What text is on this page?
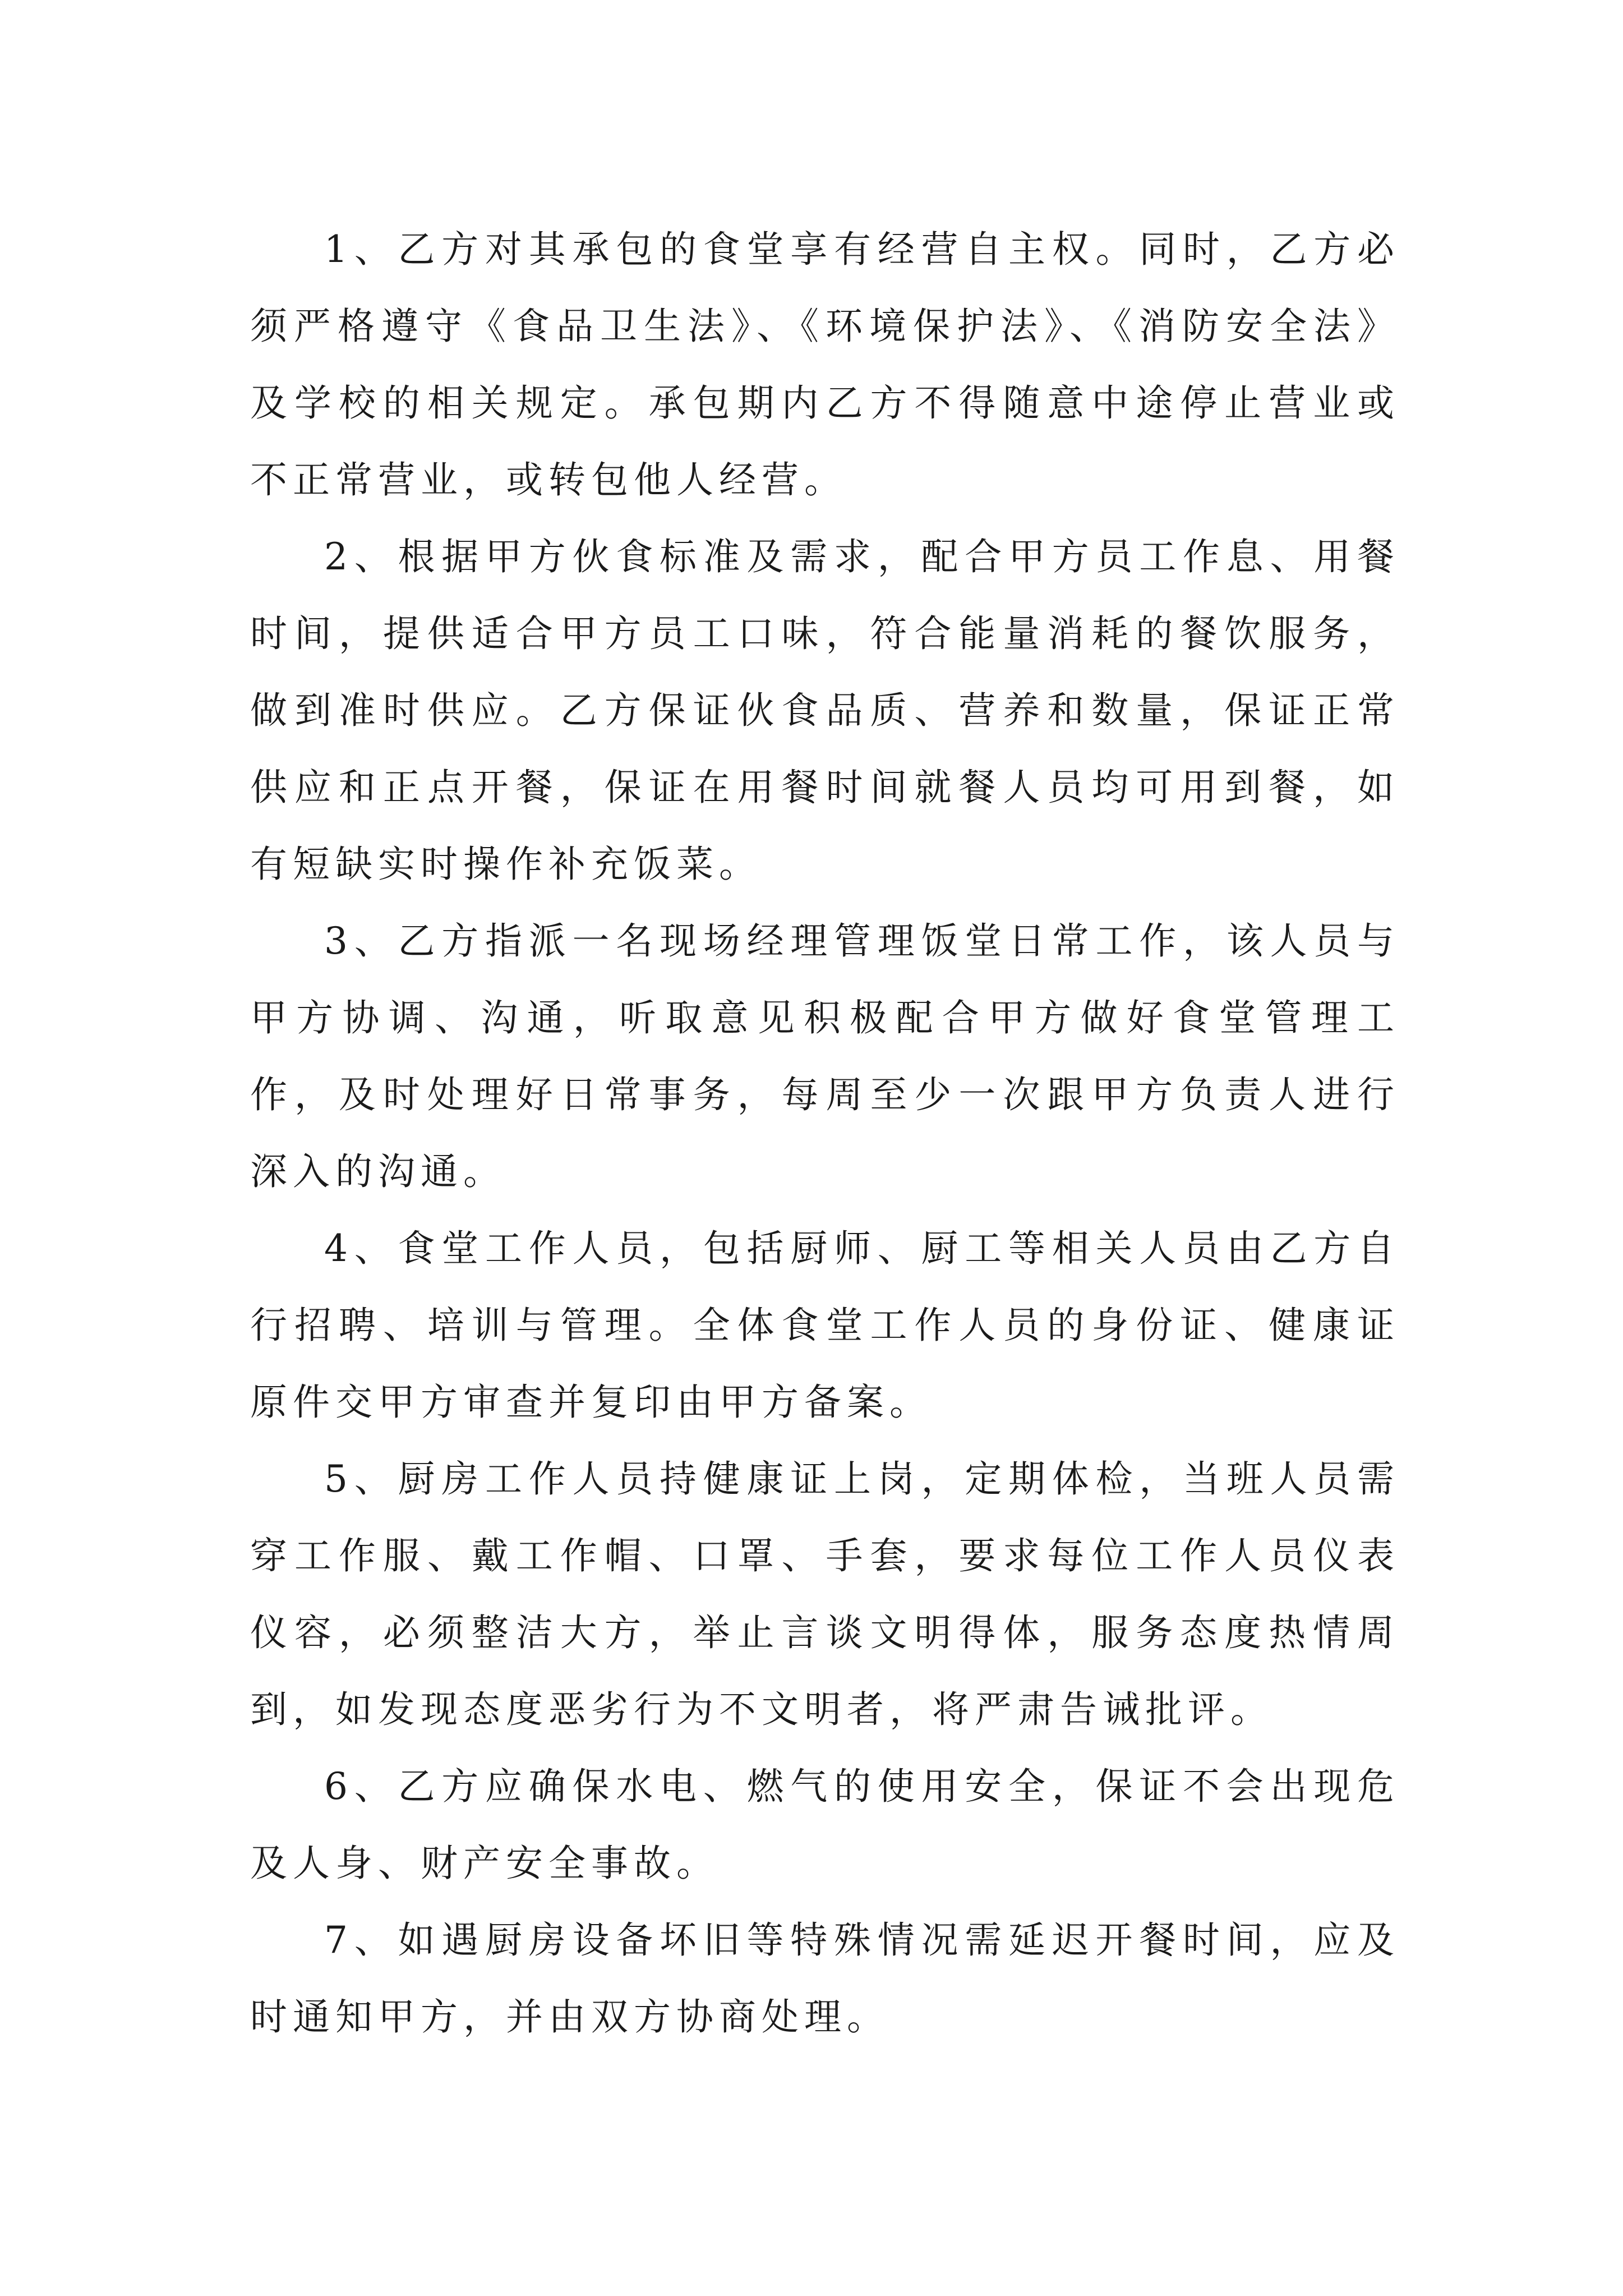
1、乙方对其承包的食堂享有经营自主权。同时，乙方必须严格遵守《食品卫生法》、《环境保护法》、《消防安全法》及学校的相关规定。承包期内乙方不得随意中途停止营业或不正常营业，或转包他人经营。

2、根据甲方伙食标准及需求，配合甲方员工作息、用餐时间，提供适合甲方员工口味，符合能量消耗的餐饮服务，做到准时供应。乙方保证伙食品质、营养和数量，保证正常供应和正点开餐，保证在用餐时间就餐人员均可用到餐，如有短缺实时操作补充饭菜。

3、乙方指派一名现场经理管理饭堂日常工作，该人员与甲方协调、沟通，听取意见积极配合甲方做好食堂管理工作，及时处理好日常事务，每周至少一次跟甲方负责人进行深入的沟通。

4、食堂工作人员，包括厨师、厨工等相关人员由乙方自行招聘、培训与管理。全体食堂工作人员的身份证、健康证原件交甲方审查并复印由甲方备案。

5、厨房工作人员持健康证上岗，定期体检，当班人员需穿工作服、戴工作帽、口罩、手套，要求每位工作人员仪表仪容，必须整洁大方，举止言谈文明得体，服务态度热情周到，如发现态度恶劣行为不文明者，将严肃告诫批评。

6、乙方应确保水电、燃气的使用安全，保证不会出现危及人身、财产安全事故。

7、如遇厨房设备坏旧等特殊情况需延迟开餐时间，应及时通知甲方，并由双方协商处理。
